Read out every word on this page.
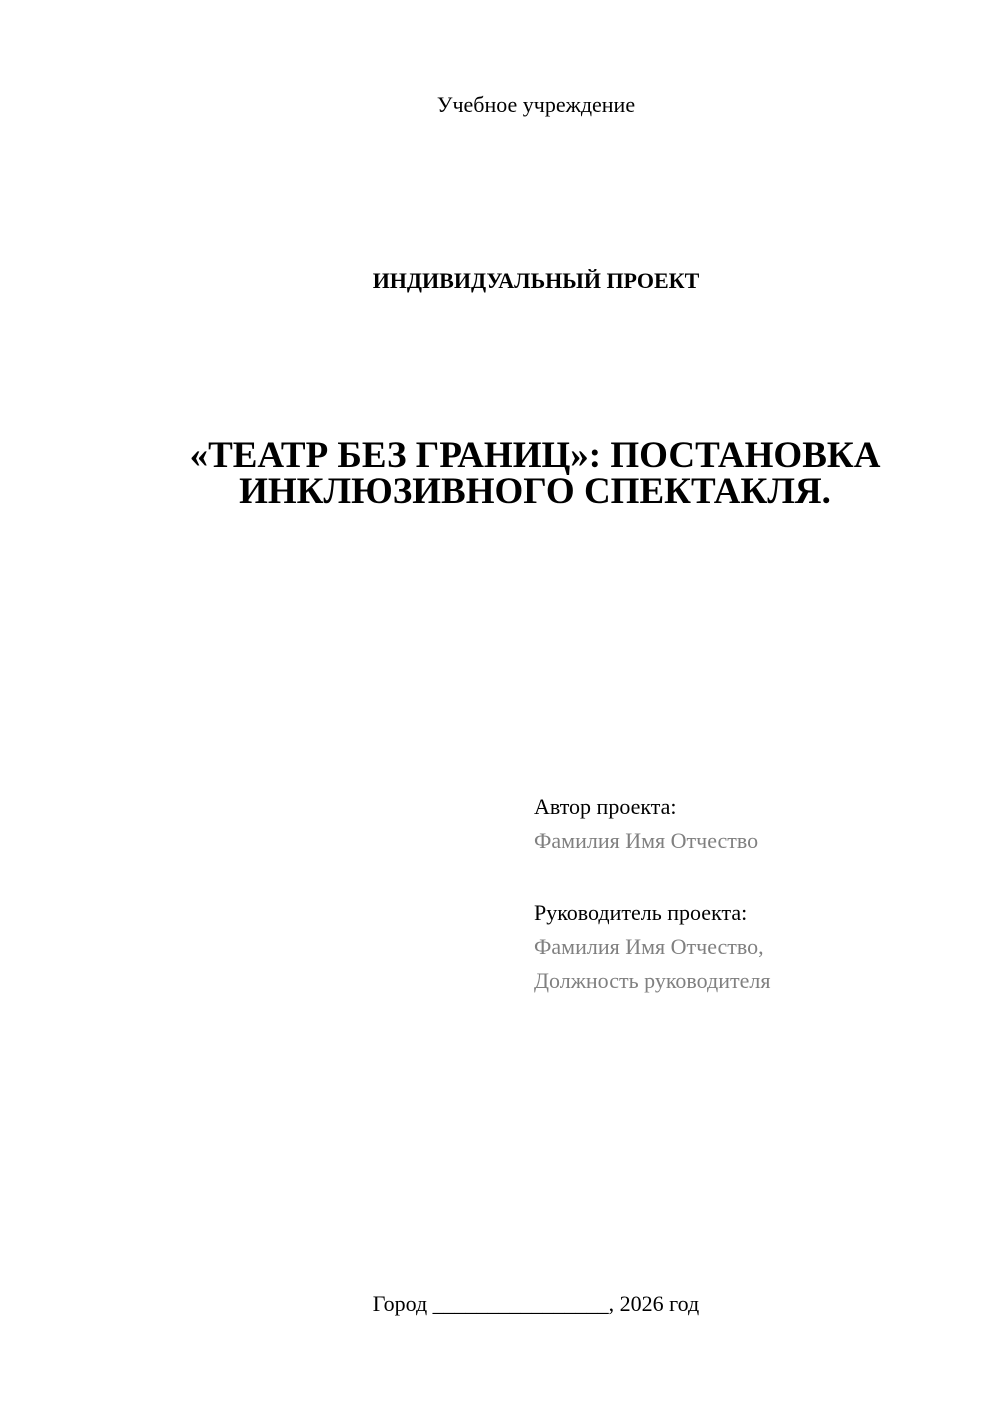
Учебное учреждение
ИНДИВИДУАЛЬНЫЙ ПРОЕКТ
«ТЕАТР БЕЗ ГРАНИЦ»: ПОСТАНОВКА
ИНКЛЮЗИВНОГО СПЕКТАКЛЯ.
Автор проекта:
Фамилия Имя Отчество
Руководитель проекта:
Фамилия Имя Отчество,
Должность руководителя
Город ________________, 2026 год
